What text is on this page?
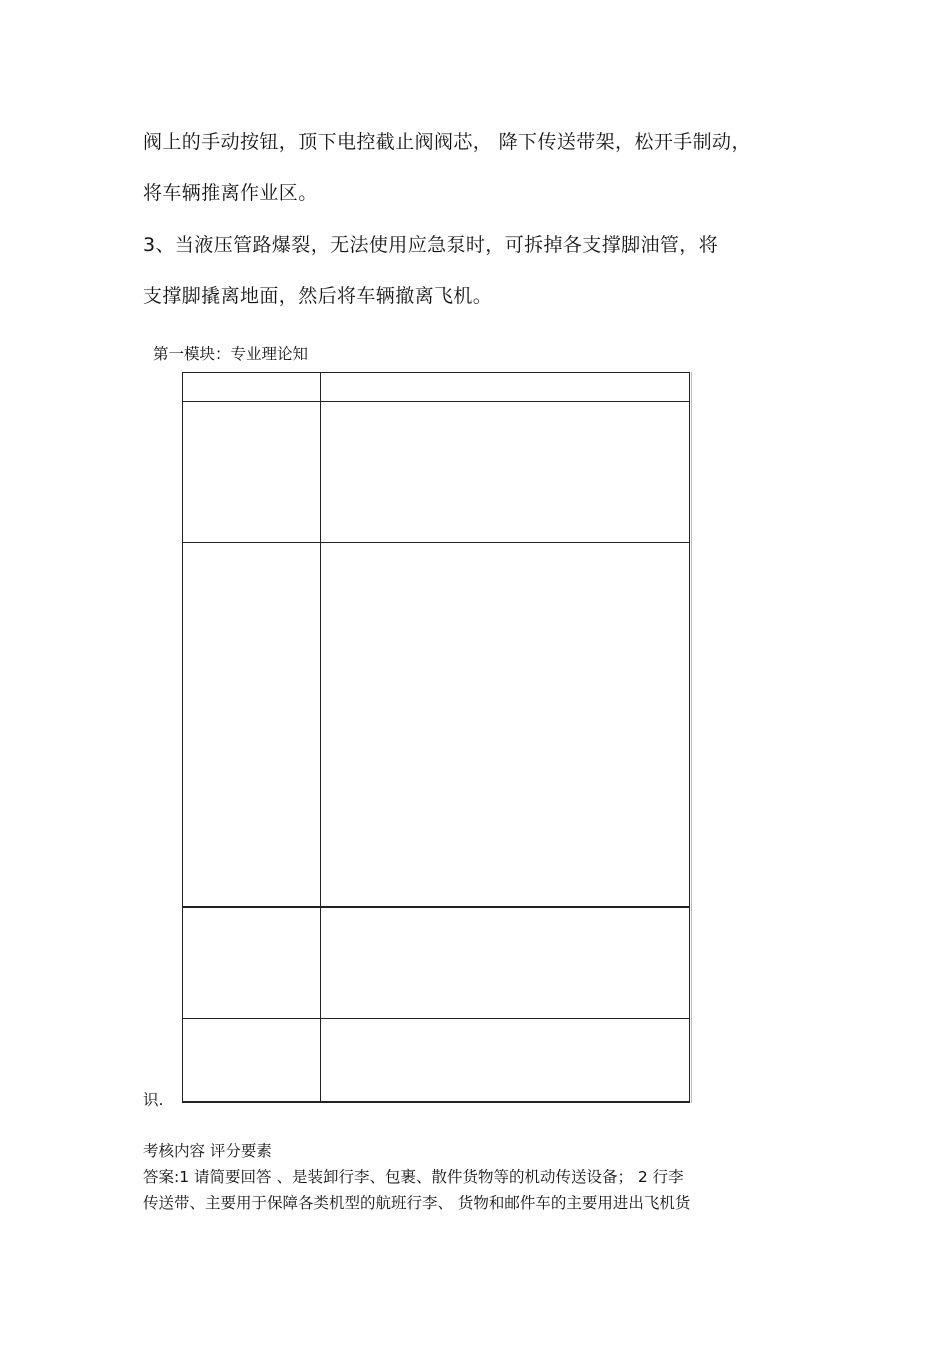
阀上的手动按钮，顶下电控截止阀阀芯， 降下传送带架，松开手制动，
将车辆推离作业区。
3、当液压管路爆裂，无法使用应急泵时，可拆掉各支撑脚油管，将
支撑脚撬离地面，然后将车辆撤离飞机。
第一模块：专业理论知
识.
考核内容 评分要素
答案:1 请简要回答 、是装卸行李、包裹、散件货物等的机动传送设备； 2 行李
传送带、主要用于保障各类机型的航班行李、 货物和邮件车的主要用进出飞机货
